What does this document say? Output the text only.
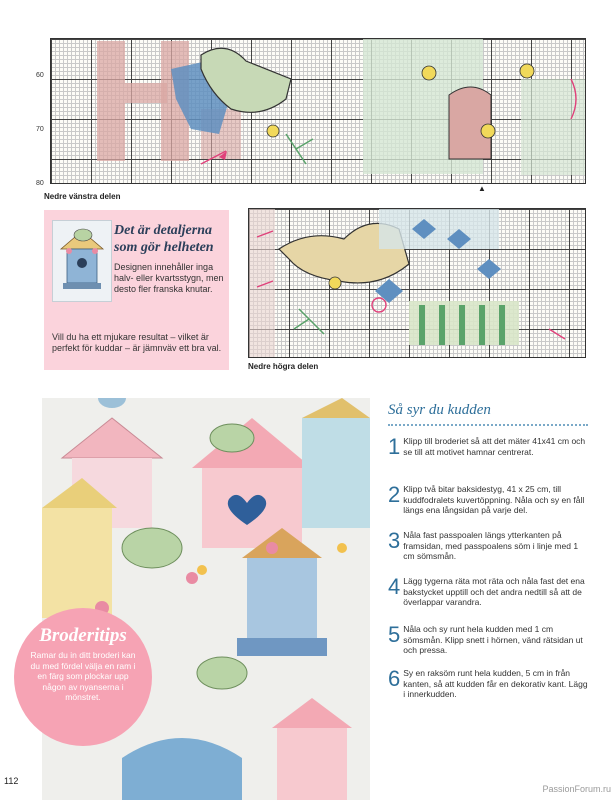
60
70
80
▲
Nedre vänstra delen
Det är detaljerna som gör helheten
Designen innehåller inga halv- eller kvartsstygn, men desto fler franska knutar.
Vill du ha ett mjukare resultat – vilket är perfekt för kuddar – är jämnväv ett bra val.
Nedre högra delen
Broderitips
Ramar du in ditt broderi kan du med fördel välja en ram i en färg som plockar upp någon av nyanserna i mönstret.
Så syr du kudden
1 Klipp till broderiet så att det mäter 41x41 cm och se till att motivet hamnar centrerat.
2 Klipp två bitar baksidestyg, 41 x 25 cm, till kuddfodralets kuvertöppning. Nåla och sy en fåll längs ena långsidan på varje del.
3 Nåla fast passpoalen längs ytterkanten på framsidan, med passpoalens söm i linje med 1 cm sömsmån.
4 Lägg tygerna räta mot räta och nåla fast det ena bakstycket upptill och det andra nedtill så att de överlappar varandra.
5 Nåla och sy runt hela kudden med 1 cm sömsmån. Klipp snett i hörnen, vänd rätsidan ut och pressa.
6 Sy en raksöm runt hela kudden, 5 cm in från kanten, så att kudden får en dekorativ kant. Lägg i innerkudden.
112
PassionForum.ru
